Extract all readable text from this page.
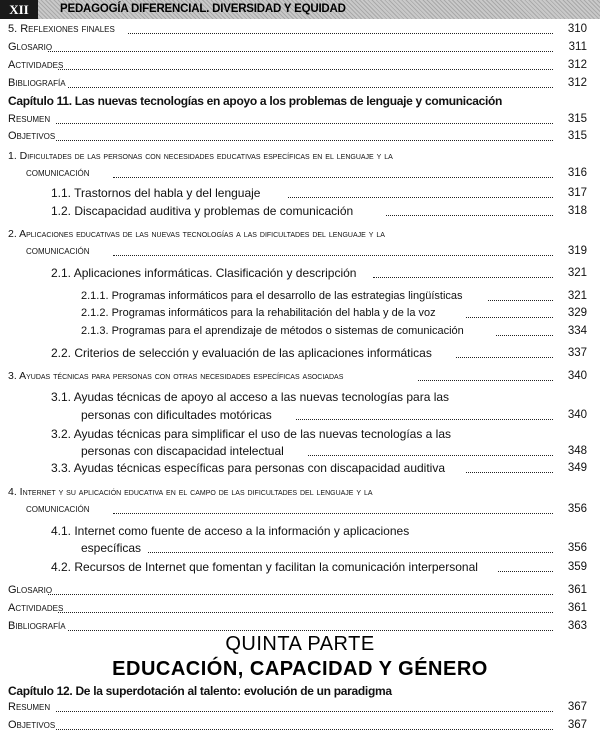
XII	PEDAGOGÍA DIFERENCIAL. DIVERSIDAD Y EQUIDAD
5. Reflexiones finales	310
Glosario	311
Actividades	312
Bibliografía	312
Capítulo 11. Las nuevas tecnologías en apoyo a los problemas de lenguaje y comunicación
Resumen	315
Objetivos	315
1. Dificultades de las personas con necesidades educativas específicas en el lenguaje y la
comunicación	316
1.1. Trastornos del habla y del lenguaje	317
1.2. Discapacidad auditiva y problemas de comunicación	318
2. Aplicaciones educativas de las nuevas tecnologías a las dificultades del lenguaje y la
comunicación	319
2.1. Aplicaciones informáticas. Clasificación y descripción	321
2.1.1. Programas informáticos para el desarrollo de las estrategias lingüísticas	321
2.1.2. Programas informáticos para la rehabilitación del habla y de la voz	329
2.1.3. Programas para el aprendizaje de métodos o sistemas de comunicación	334
2.2. Criterios de selección y evaluación de las aplicaciones informáticas	337
3. Ayudas técnicas para personas con otras necesidades específicas asociadas	340
3.1. Ayudas técnicas de apoyo al acceso a las nuevas tecnologías para las
personas con dificultades motóricas	340
3.2. Ayudas técnicas para simplificar el uso de las nuevas tecnologías a las
personas con discapacidad intelectual	348
3.3. Ayudas técnicas específicas para personas con discapacidad auditiva	349
4. Internet y su aplicación educativa en el campo de las dificultades del lenguaje y la
comunicación	356
4.1. Internet como fuente de acceso a la información y aplicaciones
específicas	356
4.2. Recursos de Internet que fomentan y facilitan la comunicación interpersonal	359
Glosario	361
Actividades	361
Bibliografía	363
QUINTA PARTE
EDUCACIÓN, CAPACIDAD Y GÉNERO
Capítulo 12. De la superdotación al talento: evolución de un paradigma
Resumen	367
Objetivos	367
